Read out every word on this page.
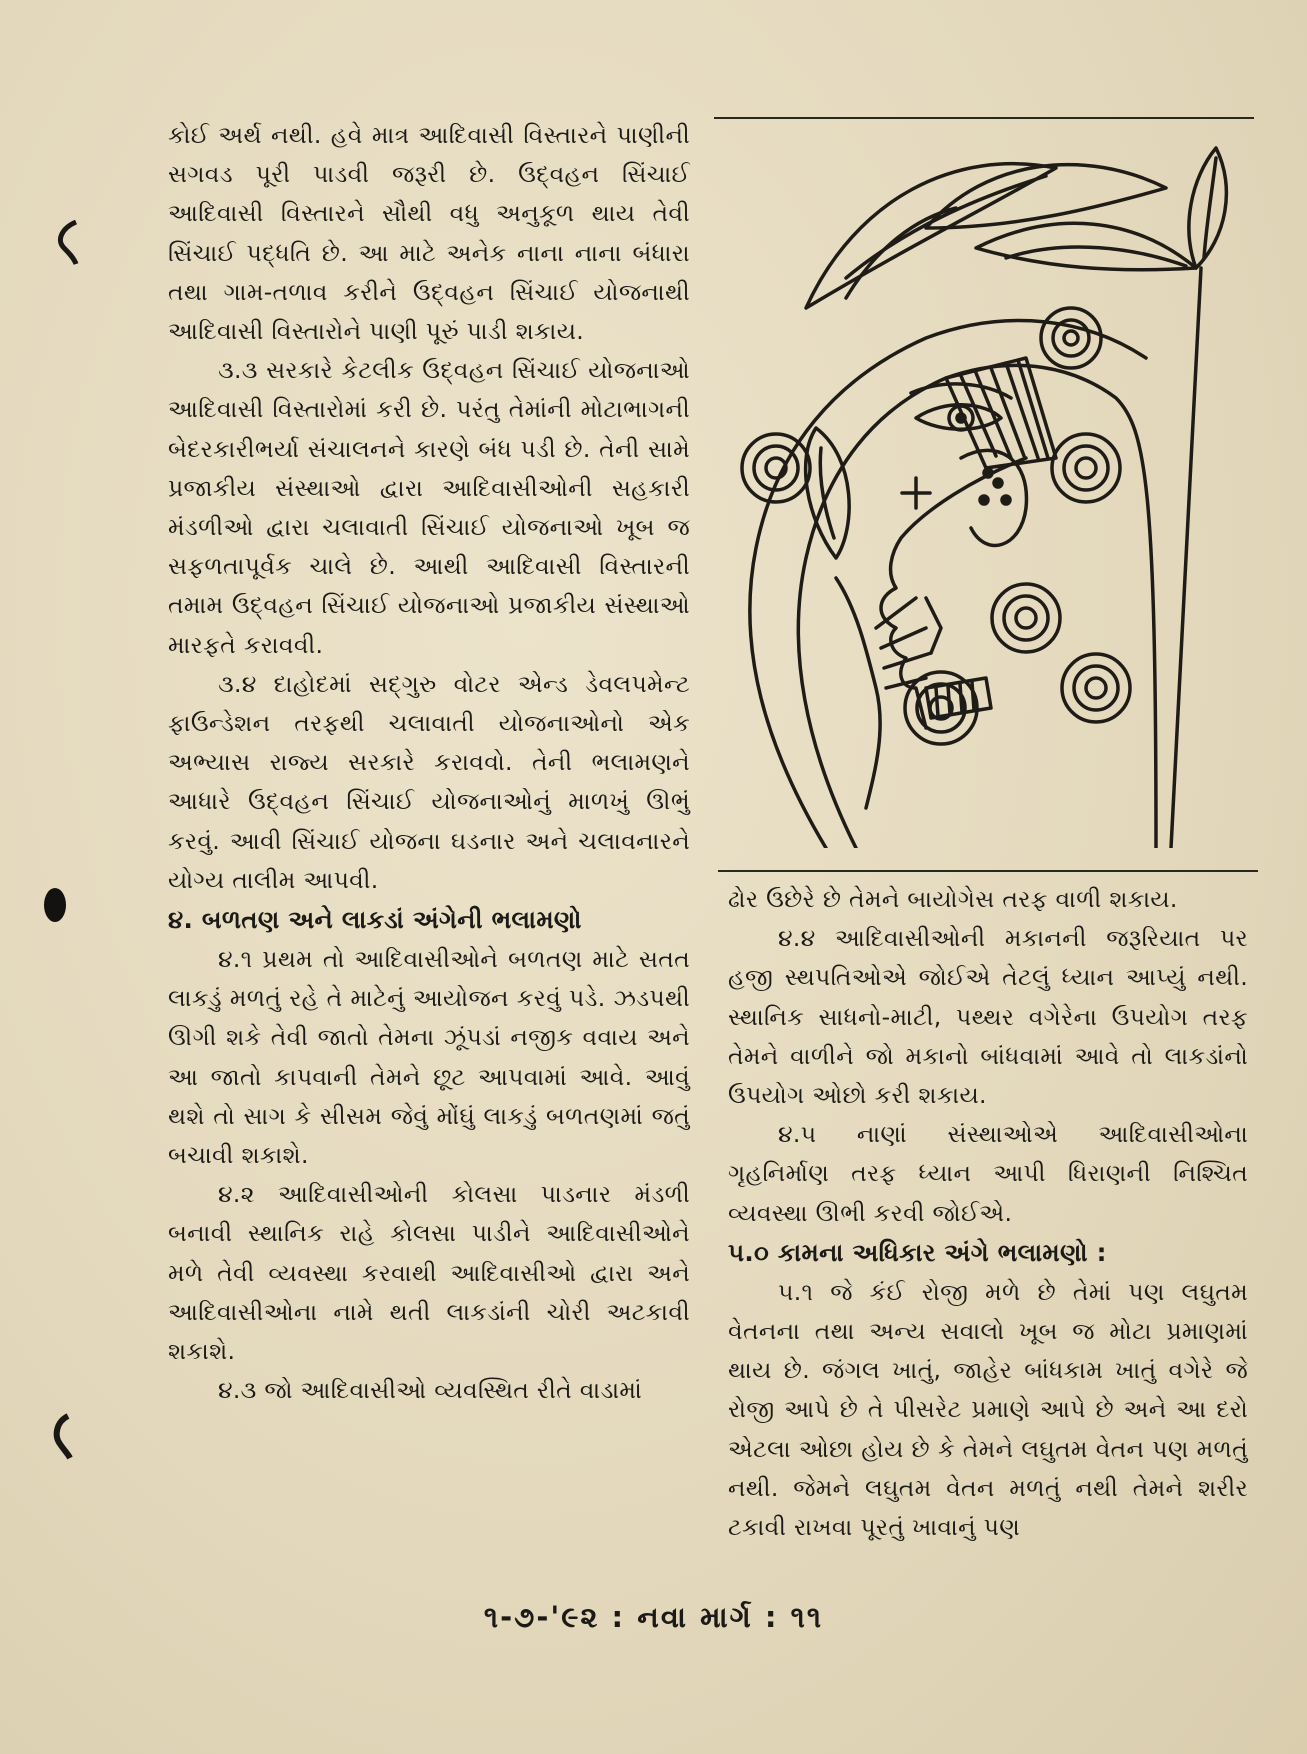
કોઈ અર્થ નથી. હવે માત્ર આદિવાસી વિસ્તારને પાણીની સગવડ પૂરી પાડવી જરૂરી છે. ઉદ્‌વહન સિંચાઈ આદિવાસી વિસ્તારને સૌથી વધુ અનુકૂળ થાય તેવી સિંચાઈ પદ્ધતિ છે. આ માટે અનેક નાના નાના બંધારા તથા ગામ-તળાવ કરીને ઉદ્‌વહન સિંચાઈ યોજનાથી આદિવાસી વિસ્તારોને પાણી પૂરું પાડી શકાય.

૩.૩ સરકારે કેટલીક ઉદ્‌વહન સિંચાઈ યોજનાઓ આદિવાસી વિસ્તારોમાં કરી છે. પરંતુ તેમાંની મોટાભાગની બેદરકારીભર્યા સંચાલનને કારણે બંધ પડી છે. તેની સામે પ્રજાકીય સંસ્થાઓ દ્વારા આદિવાસીઓની સહકારી મંડળીઓ દ્વારા ચલાવાતી સિંચાઈ યોજનાઓ ખૂબ જ સફળતાપૂર્વક ચાલે છે. આથી આદિવાસી વિસ્તારની તમામ ઉદ્‌વહન સિંચાઈ યોજનાઓ પ્રજાકીય સંસ્થાઓ મારફતે કરાવવી.

૩.૪ દાહોદમાં સદ્‌ગુરુ વોટર એન્ડ ડેવલપમેન્ટ ફાઉન્ડેશન તરફથી ચલાવાતી યોજનાઓનો એક અભ્યાસ રાજ્ય સરકારે કરાવવો. તેની ભલામણને આધારે ઉદ્‌વહન સિંચાઈ યોજનાઓનું માળખું ઊભું કરવું. આવી સિંચાઈ યોજના ઘડનાર અને ચલાવનારને યોગ્ય તાલીમ આપવી.

૪. બળતણ અને લાકડાં અંગેની ભલામણો

૪.૧ પ્રથમ તો આદિવાસીઓને બળતણ માટે સતત લાકડું મળતું રહે તે માટેનું આયોજન કરવું પડે. ઝડપથી ઊગી શકે તેવી જાતો તેમના ઝૂંપડાં નજીક વવાય અને આ જાતો કાપવાની તેમને છૂટ આપવામાં આવે. આવું થશે તો સાગ કે સીસમ જેવું મોંઘું લાકડું બળતણમાં જતું બચાવી શકાશે.

૪.૨ આદિવાસીઓની કોલસા પાડનાર મંડળી બનાવી સ્થાનિક રાહે કોલસા પાડીને આદિવાસીઓને મળે તેવી વ્યવસ્થા કરવાથી આદિવાસીઓ દ્વારા અને આદિવાસીઓના નામે થતી લાકડાંની ચોરી અટકાવી શકાશે.

૪.૩ જો આદિવાસીઓ વ્યવસ્થિત રીતે વાડામાં

ઢોર ઉછેરે છે તેમને બાયોગેસ તરફ વાળી શકાય.

૪.૪ આદિવાસીઓની મકાનની જરૂરિયાત પર હજી સ્થપતિઓએ જોઈએ તેટલું ધ્યાન આપ્યું નથી. સ્થાનિક સાધનો-માટી, પથ્થર વગેરેના ઉપયોગ તરફ તેમને વાળીને જો મકાનો બાંધવામાં આવે તો લાકડાંનો ઉપયોગ ઓછો કરી શકાય.

૪.૫ નાણાં સંસ્થાઓએ આદિવાસીઓના ગૃહનિર્માણ તરફ ધ્યાન આપી ધિરાણની નિશ્ચિત વ્યવસ્થા ઊભી કરવી જોઈએ.

૫.૦ કામના અધિકાર અંગે ભલામણો :

૫.૧ જે કંઈ રોજી મળે છે તેમાં પણ લઘુતમ વેતનના તથા અન્ય સવાલો ખૂબ જ મોટા પ્રમાણમાં થાય છે. જંગલ ખાતું, જાહેર બાંધકામ ખાતું વગેરે જે રોજી આપે છે તે પીસરેટ પ્રમાણે આપે છે અને આ દરો એટલા ઓછા હોય છે કે તેમને લઘુતમ વેતન પણ મળતું નથી. જેમને લઘુતમ વેતન મળતું નથી તેમને શરીર ટકાવી રાખવા પૂરતું ખાવાનું પણ

૧-૭-'૯૨ : નવા માર્ગ : ૧૧
